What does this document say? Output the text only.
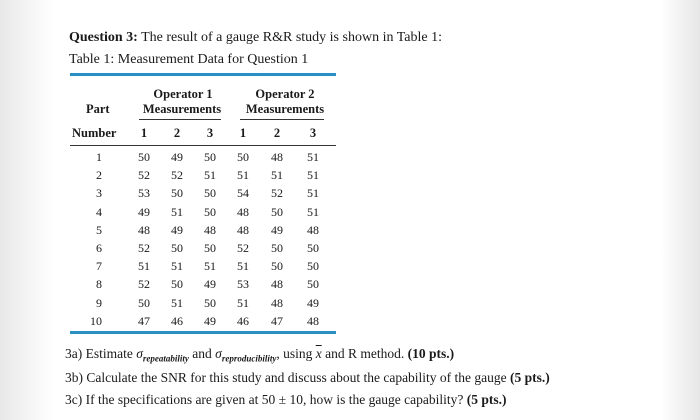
Question 3: The result of a gauge R&R study is shown in Table 1:
Table 1: Measurement Data for Question 1
Part
Number
Operator 1
Measurements
Operator 2
Measurements
1	2	3	1	2	3
1	50	49	50	50	48	51
2	52	52	51	51	51	51
3	53	50	50	54	52	51
4	49	51	50	48	50	51
5	48	49	48	48	49	48
6	52	50	50	52	50	50
7	51	51	51	51	50	50
8	52	50	49	53	48	50
9	50	51	50	51	48	49
10	47	46	49	46	47	48
3a) Estimate $\sigma_{repeatability}$ and $\sigma_{reproducibility}$, using $\overline{x}$ and R method. (10 pts.)
3b) Calculate the SNR for this study and discuss about the capability of the gauge (5 pts.)
3c) If the specifications are given at 50 ± 10, how is the gauge capability? (5 pts.)
